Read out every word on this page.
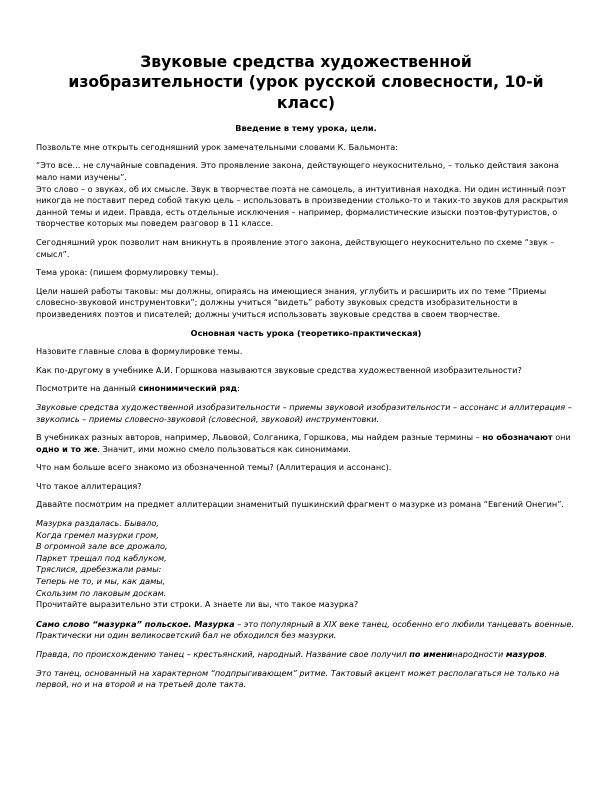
Звуковые средства художественной изобразительности (урок русской словесности, 10-й класс)
Введение в тему урока, цели.

Позвольте мне открыть сегодняшний урок замечательными словами К. Бальмонта:

“Это все… не случайные совпадения. Это проявление закона, действующего неукоснительно, – только действия закона мало нами изучены”.
Это слово – о звуках, об их смысле. Звук в творчестве поэта не самоцель, а интуитивная находка. Ни один истинный поэт никогда не поставит перед собой такую цель – использовать в произведении столько-то и таких-то звуков для раскрытия данной темы и идеи. Правда, есть отдельные исключения – например, формалистические изыски поэтов-футуристов, о творчестве которых мы поведем разговор в 11 классе.

Сегодняшний урок позволит нам вникнуть в проявление этого закона, действующего неукоснительно по схеме “звук – смысл”.

Тема урока: (пишем формулировку темы).

Цели нашей работы таковы: мы должны, опираясь на имеющиеся знания, углубить и расширить их по теме “Приемы словесно-звуковой инструментовки”; должны учиться “видеть” работу звуковых средств изобразительности в произведениях поэтов и писателей; должны учиться использовать звуковые средства в своем творчестве.

Основная часть урока (теоретико-практическая)

Назовите главные слова в формулировке темы.

Как по-другому в учебнике А.И. Горшкова называются звуковые средства художественной изобразительности?

Посмотрите на данный синонимический ряд:

Звуковые средства художественной изобразительности – приемы звуковой изобразительности – ассонанс и аллитерация – звукопись – приемы словесно-звуковой (словесной, звуковой) инструментовки.

В учебниках разных авторов, например, Львовой, Солганика, Горшкова, мы найдем разные термины – но обозначают они одно и то же. Значит, ими можно смело пользоваться как синонимами.

Что нам больше всего знакомо из обозначенной темы? (Аллитерация и ассонанс).

Что такое аллитерация?

Давайте посмотрим на предмет аллитерации знаменитый пушкинский фрагмент о мазурке из романа “Евгений Онегин”.

Мазурка раздалась. Бывало,
Когда гремел мазурки гром,
В огромной зале все дрожало,
Паркет трещал под каблуком,
Тряслися, дребезжали рамы:
Теперь не то, и мы, как дамы,
Скользим по лаковым доскам.

Прочитайте выразительно эти строки. А знаете ли вы, что такое мазурка?

Само слово “мазурка” польское. Мазурка – это популярный в XIX веке танец, особенно его любили танцевать военные. Практически ни один великосветский бал не обходился без мазурки.

Правда, по происхождению танец – крестьянский, народный. Название свое получил по именинародности мазуров.

Это танец, основанный на характерном “подпрыгивающем” ритме. Тактовый акцент может располагаться не только на первой, но и на второй и на третьей доле такта.
